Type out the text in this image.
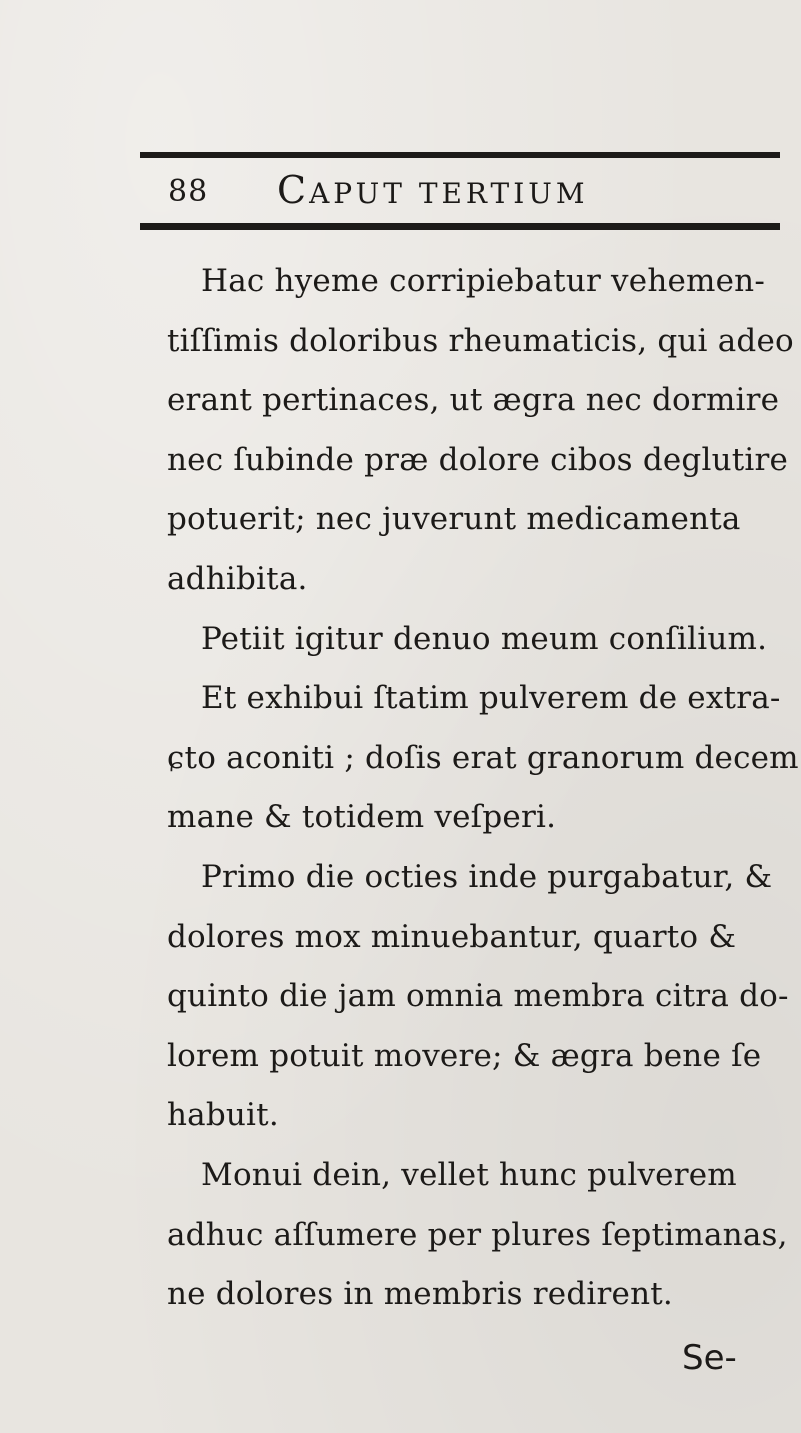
88 CAPUT TERTIUM
Hac hyeme corripiebatur vehemen-
tiſſimis doloribus rheumaticis, qui adeo
erant pertinaces, ut ægra nec dormire
nec ſubinde præ dolore cibos deglutire
potuerit; nec juverunt medicamenta
adhibita.
Petiit igitur denuo meum conſilium.
Et exhibui ſtatim pulverem de extra-
ɕto aconiti ; doſis erat granorum decem
mane & totidem veſperi.
Primo die octies inde purgabatur, &
dolores mox minuebantur, quarto &
quinto die jam omnia membra citra do-
lorem potuit movere; & ægra bene ſe
habuit.
Monui dein, vellet hunc pulverem
adhuc aſſumere per plures ſeptimanas,
ne dolores in membris redirent.
Se-
